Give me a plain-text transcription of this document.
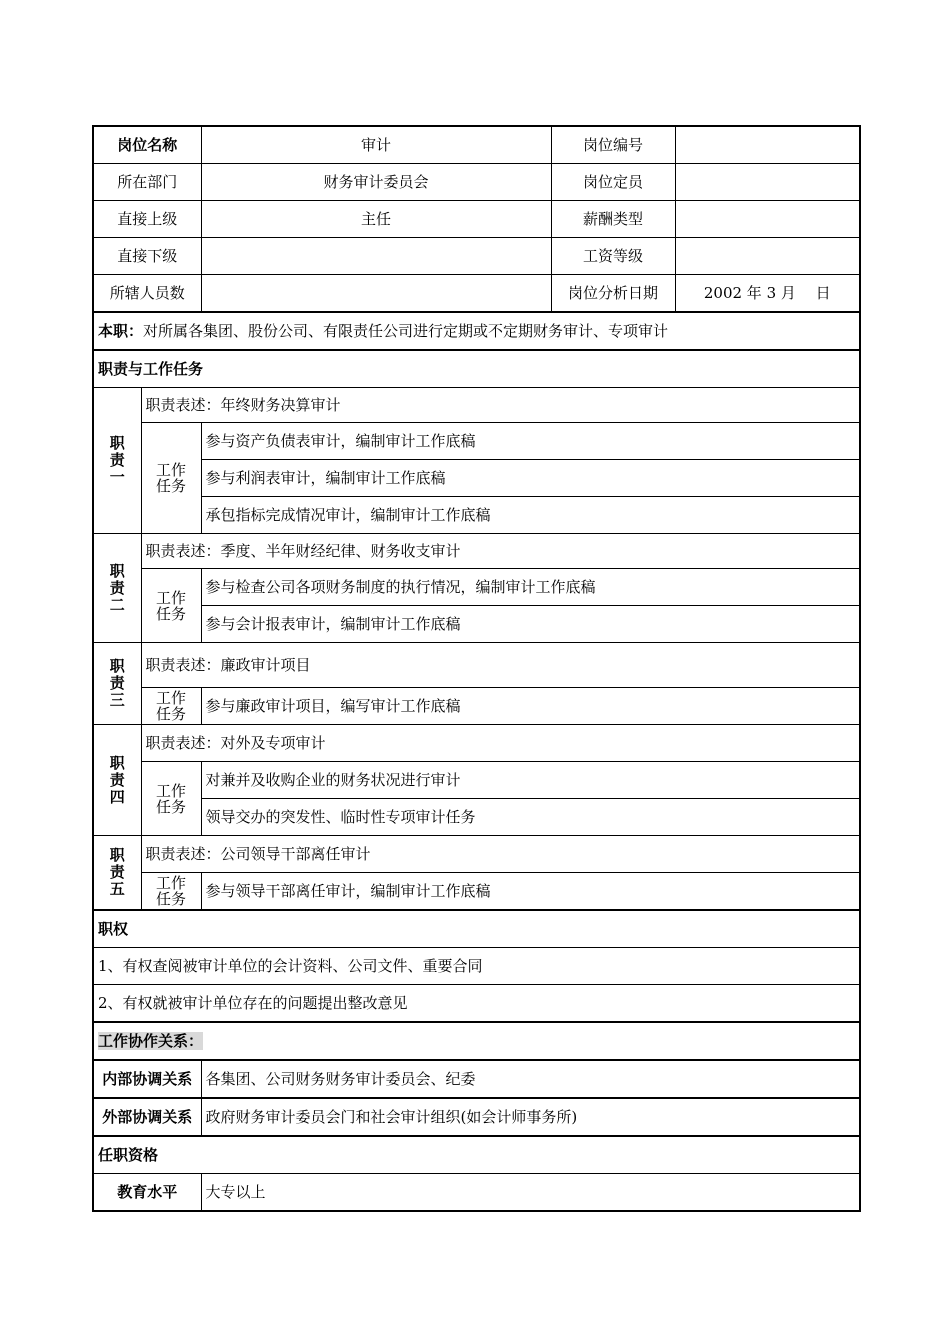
岗位名称		审计	岗位编号	
所在部门		财务审计委员会	岗位定员	
直接上级		主任	薪酬类型	
直接下级			工资等级	
所辖人员数			岗位分析日期	2002 年 3 月　 日
本职：对所属各集团、股份公司、有限责任公司进行定期或不定期财务审计、专项审计				
职责与工作任务				

职
责
一	职责表述：年终财务决算审计			

	工作
任务	参与资产负债表审计，编制审计工作底稿		
		参与利润表审计，编制审计工作底稿		
		承包指标完成情况审计，编制审计工作底稿		

职
责
二	职责表述：季度、半年财经纪律、财务收支审计			

	工作
任务	参与检查公司各项财务制度的执行情况，编制审计工作底稿		
		参与会计报表审计，编制审计工作底稿		

职
责
三	职责表述：廉政审计项目			

	工作
任务	参与廉政审计项目，编写审计工作底稿		

职
责
四	职责表述：对外及专项审计			

	工作
任务	对兼并及收购企业的财务状况进行审计		
		领导交办的突发性、临时性专项审计任务		

职
责
五	职责表述：公司领导干部离任审计			

	工作
任务	参与领导干部离任审计，编制审计工作底稿		
职权				
1、有权查阅被审计单位的会计资料、公司文件、重要合同				
2、有权就被审计单位存在的问题提出整改意见				
工作协作关系：				
内部协调关系		各集团、公司财务财务审计委员会、纪委		
外部协调关系		政府财务审计委员会门和社会审计组织(如会计师事务所)		
任职资格				
教育水平		大专以上		
